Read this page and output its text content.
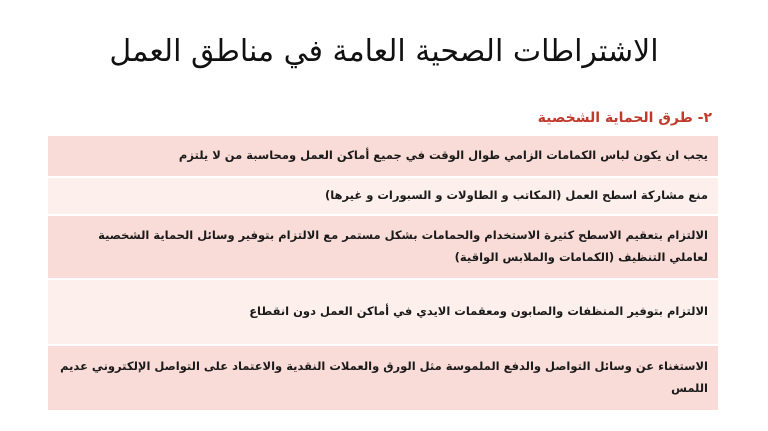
الاشتراطات الصحية العامة في مناطق العمل
٢- طرق الحماية الشخصية
يجب ان يكون لباس الكمامات الزامي طوال الوقت في جميع أماكن العمل ومحاسبة من لا يلتزم
منع مشاركة اسطح العمل (المكاتب و الطاولات و السبورات و غيرها)
الالتزام بتعقيم الاسطح كثيرة الاستخدام والحمامات بشكل مستمر مع الالتزام بتوفير وسائل الحماية الشخصية لعاملي التنظيف (الكمامات والملابس الواقية)
الالتزام بتوفير المنظفات والصابون ومعقمات الايدي في أماكن العمل دون انقطاع
الاستغناء عن وسائل التواصل والدفع الملموسة مثل الورق والعملات النقدية والاعتماد على التواصل الإلكتروني عديم اللمس
